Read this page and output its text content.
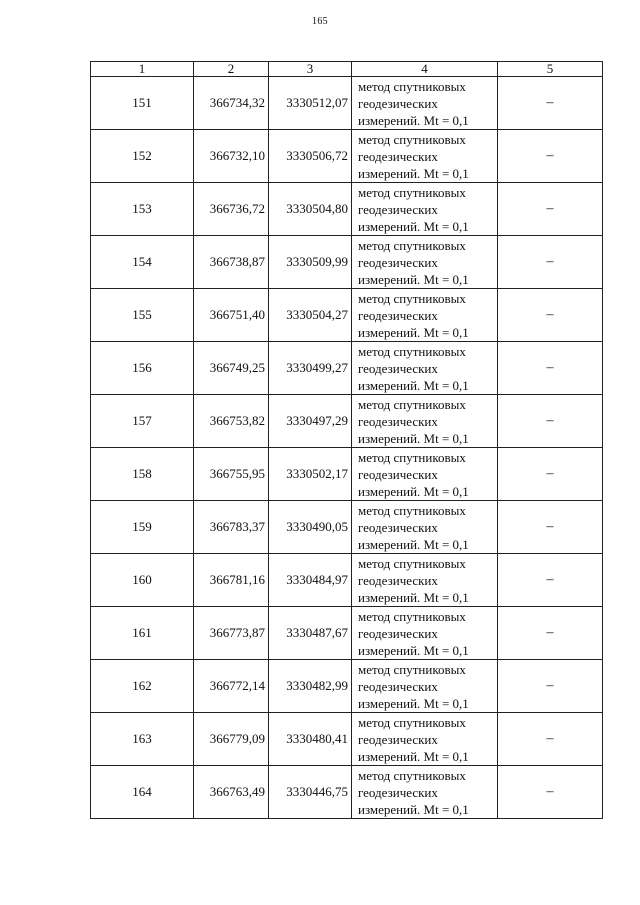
165
1	2	3	4	5
151	366734,32	3330512,07	метод спутниковых
геодезических
измерений. Mt = 0,1	–
152	366732,10	3330506,72	метод спутниковых
геодезических
измерений. Mt = 0,1	–
153	366736,72	3330504,80	метод спутниковых
геодезических
измерений. Mt = 0,1	–
154	366738,87	3330509,99	метод спутниковых
геодезических
измерений. Mt = 0,1	–
155	366751,40	3330504,27	метод спутниковых
геодезических
измерений. Mt = 0,1	–
156	366749,25	3330499,27	метод спутниковых
геодезических
измерений. Mt = 0,1	–
157	366753,82	3330497,29	метод спутниковых
геодезических
измерений. Mt = 0,1	–
158	366755,95	3330502,17	метод спутниковых
геодезических
измерений. Mt = 0,1	–
159	366783,37	3330490,05	метод спутниковых
геодезических
измерений. Mt = 0,1	–
160	366781,16	3330484,97	метод спутниковых
геодезических
измерений. Mt = 0,1	–
161	366773,87	3330487,67	метод спутниковых
геодезических
измерений. Mt = 0,1	–
162	366772,14	3330482,99	метод спутниковых
геодезических
измерений. Mt = 0,1	–
163	366779,09	3330480,41	метод спутниковых
геодезических
измерений. Mt = 0,1	–
164	366763,49	3330446,75	метод спутниковых
геодезических
измерений. Mt = 0,1	–
